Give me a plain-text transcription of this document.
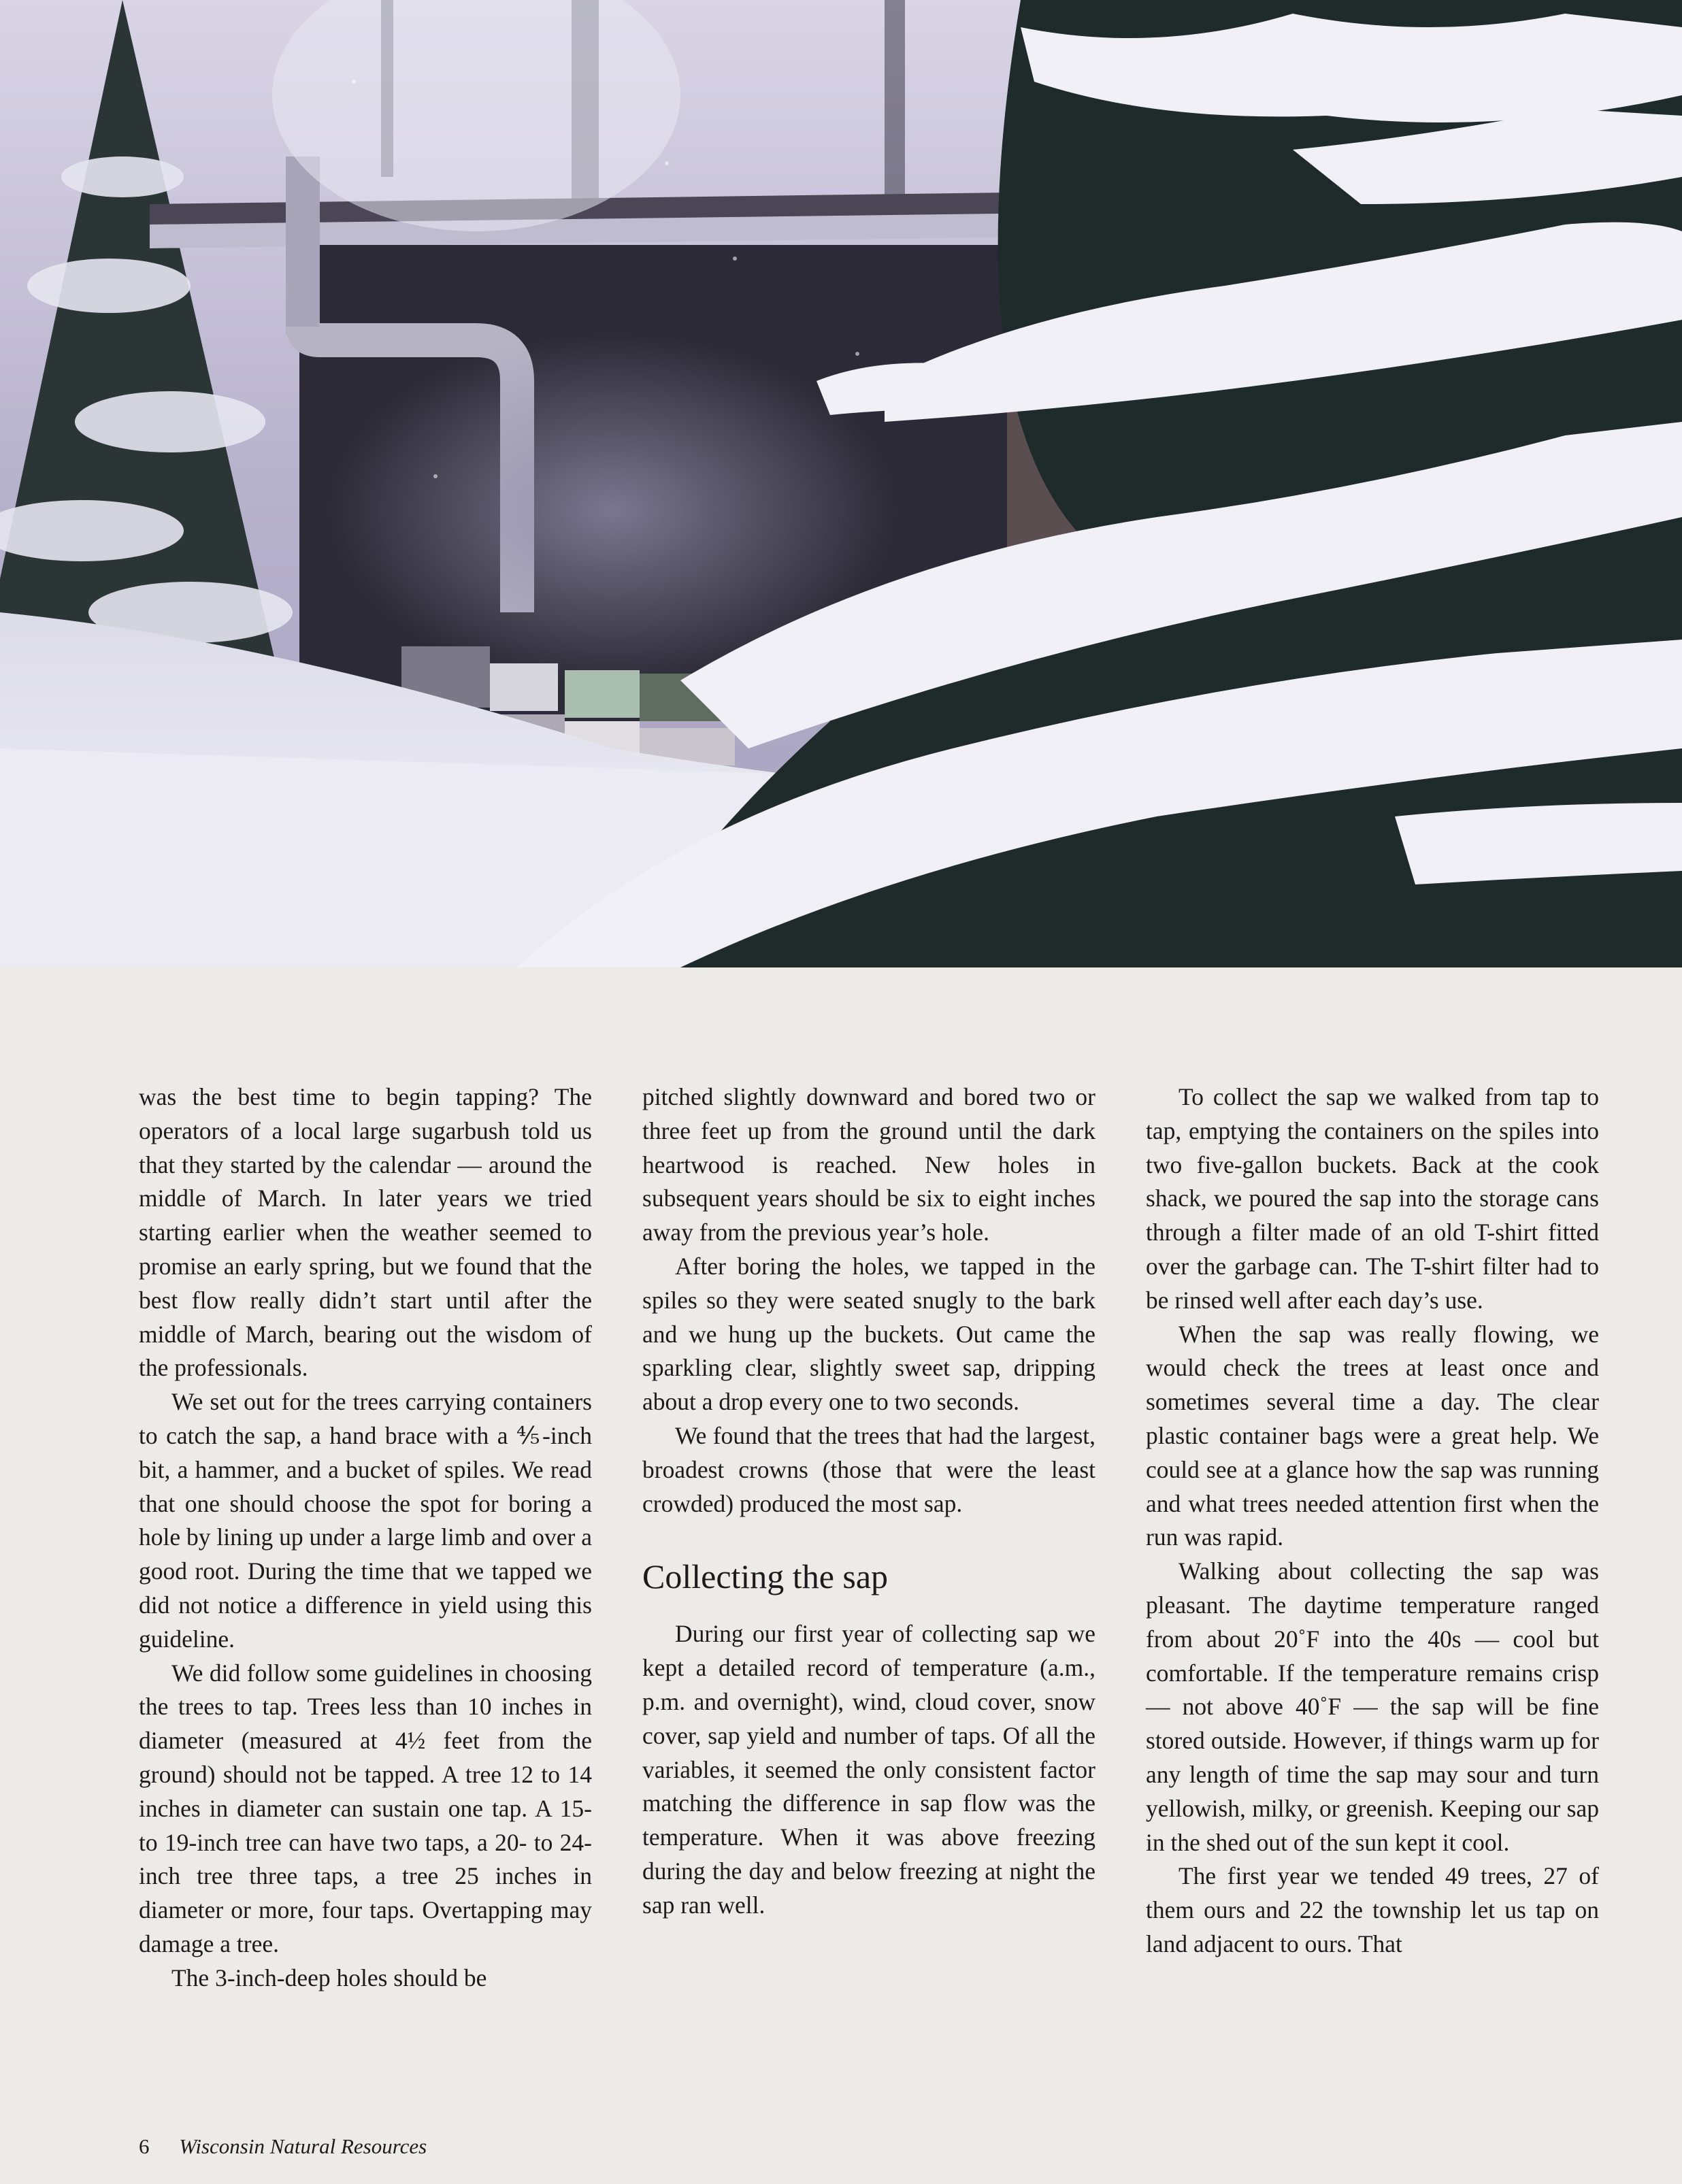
was the best time to begin tapping? The operators of a local large sugarbush told us that they started by the calendar — around the middle of March. In later years we tried starting earlier when the weather seemed to promise an early spring, but we found that the best flow really didn’t start until after the middle of March, bearing out the wisdom of the professionals.

We set out for the trees carrying containers to catch the sap, a hand brace with a ⅘-inch bit, a hammer, and a bucket of spiles. We read that one should choose the spot for boring a hole by lining up under a large limb and over a good root. During the time that we tapped we did not notice a difference in yield using this guideline.

We did follow some guidelines in choosing the trees to tap. Trees less than 10 inches in diameter (measured at 4½ feet from the ground) should not be tapped. A tree 12 to 14 inches in diameter can sustain one tap. A 15- to 19-inch tree can have two taps, a 20- to 24-inch tree three taps, a tree 25 inches in diameter or more, four taps. Overtapping may damage a tree.

The 3-inch-deep holes should be

pitched slightly downward and bored two or three feet up from the ground until the dark heartwood is reached. New holes in subsequent years should be six to eight inches away from the previous year’s hole.

After boring the holes, we tapped in the spiles so they were seated snugly to the bark and we hung up the buckets. Out came the sparkling clear, slightly sweet sap, dripping about a drop every one to two seconds.

We found that the trees that had the largest, broadest crowns (those that were the least crowded) produced the most sap.

Collecting the sap

During our first year of collecting sap we kept a detailed record of temperature (a.m., p.m. and overnight), wind, cloud cover, snow cover, sap yield and number of taps. Of all the variables, it seemed the only consistent factor matching the difference in sap flow was the temperature. When it was above freezing during the day and below freezing at night the sap ran well.

To collect the sap we walked from tap to tap, emptying the containers on the spiles into two five-gallon buckets. Back at the cook shack, we poured the sap into the storage cans through a filter made of an old T-shirt fitted over the garbage can. The T-shirt filter had to be rinsed well after each day’s use.

When the sap was really flowing, we would check the trees at least once and sometimes several time a day. The clear plastic container bags were a great help. We could see at a glance how the sap was running and what trees needed attention first when the run was rapid.

Walking about collecting the sap was pleasant. The daytime temperature ranged from about 20˚F into the 40s — cool but comfortable. If the temperature remains crisp — not above 40˚F — the sap will be fine stored outside. However, if things warm up for any length of time the sap may sour and turn yellowish, milky, or greenish. Keeping our sap in the shed out of the sun kept it cool.

The first year we tended 49 trees, 27 of them ours and 22 the township let us tap on land adjacent to ours. That

6 Wisconsin Natural Resources
